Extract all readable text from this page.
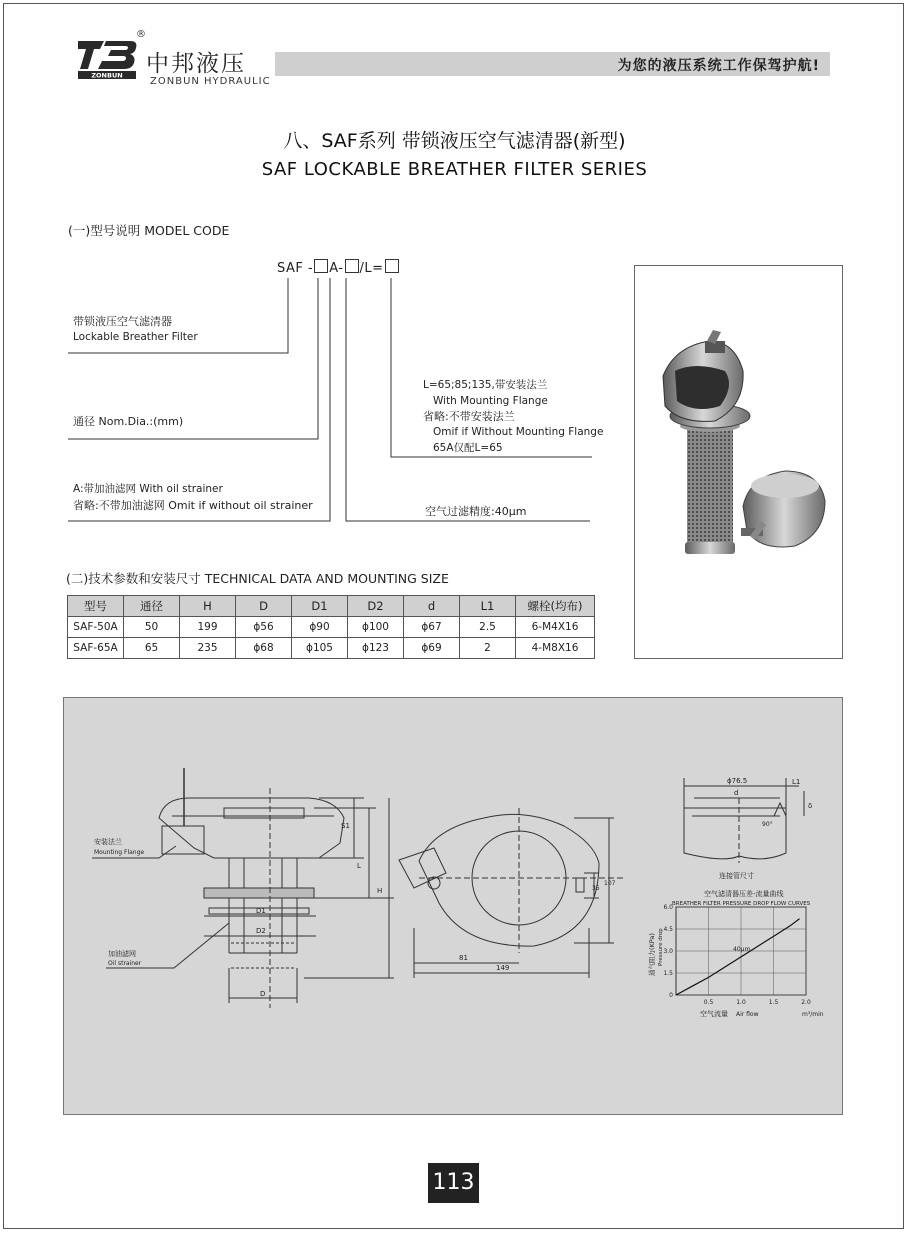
ZONBUN
®
中邦液压
ZONBUN HYDRAULIC
为您的液压系统工作保驾护航!
八、SAF系列 带锁液压空气滤清器(新型)
SAF LOCKABLE BREATHER FILTER SERIES
(一)型号说明 MODEL CODE
SAF - A- /L=
带锁液压空气滤清器
Lockable Breather Filter
通径 Nom.Dia.:(mm)
A:带加油滤网 With oil strainer
省略:不带加油滤网 Omit if without oil strainer
L=65;85;135,带安装法兰
With Mounting Flange
省略:不带安装法兰
Omif if Without Mounting Flange
65A仅配L=65
空气过滤精度:40μm
(二)技术参数和安装尺寸 TECHNICAL DATA AND MOUNTING SIZE
型号	通径	H	D	D1	D2	d	L1	螺栓(均布)
SAF-50A	50	199	ϕ56	ϕ90	ϕ100	ϕ67	2.5	6-M4X16
SAF-65A	65	235	ϕ68	ϕ105	ϕ123	ϕ69	2	4-M8X16
安装法兰
Mounting Flange
加油滤网
Oil strainer
S1
L
H
D1
D2
D
81
149
35
107
ϕ76.5
d
L1
δ
90°
连接管尺寸
空气滤清器压差-流量曲线
BREATHER FILTER PRESSURE DROP FLOW CURVES
空气流量 Air flow	m³/min
通气阻力(KPa) Pressure drop
0.5	1.0	1.5	2.0
0
1.5
3.0
4.5
6.0
40μm
113
